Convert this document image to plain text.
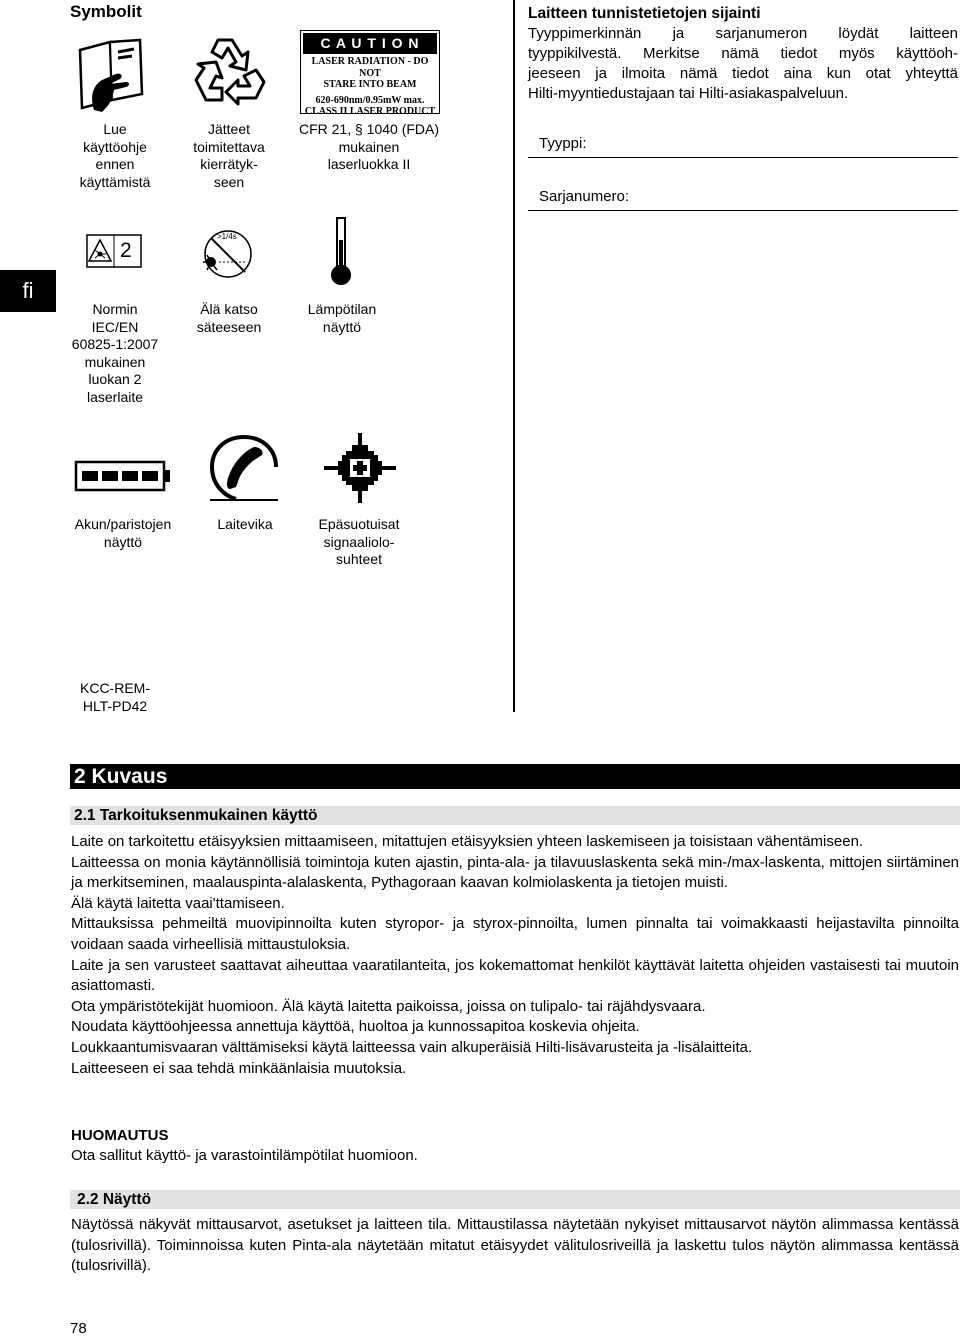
Symbolit
Lue
käyttöohje
ennen
käyttämistä
Jätteet
toimitettava
kierrätyk-
seen
C A U T I O N
LASER RADIATION - DO NOT
STARE INTO BEAM
620-690nm/0.95mW max.
CLASS II LASER PRODUCT
CFR 21, § 1040 (FDA)
mukainen
laserluokka II
2
Normin
IEC/EN
60825-1:2007
mukainen
luokan 2
laserlaite
>1/4s
Älä katso
säteeseen
Lämpötilan
näyttö
Akun/paristojen
näyttö
Laitevika	Epäsuotuisat
signaaliolo-
suhteet
KCC-REM-
HLT-PD42
fi
Laitteen tunnistetietojen sijainti
Tyyppimerkinnän ja sarjanumeron löydät laitteen
tyyppikilvestä. Merkitse nämä tiedot myös käyttöoh-
jeeseen ja ilmoita nämä tiedot aina kun otat yhteyttä
Hilti-myyntiedustajaan tai Hilti-asiakaspalveluun.
Tyyppi:
Sarjanumero:
2 Kuvaus
2.1 Tarkoituksenmukainen käyttö

Laite on tarkoitettu etäisyyksien mittaamiseen, mitattujen etäisyyksien yhteen laskemiseen ja toisistaan vähentämiseen.

Laitteessa on monia käytännöllisiä toimintoja kuten ajastin, pinta-ala- ja tilavuuslaskenta sekä min-/max-laskenta, mittojen siirtäminen ja merkitseminen, maalauspinta-alalaskenta, Pythagoraan kaavan kolmiolaskenta ja tietojen muisti.

Älä käytä laitetta vaai'ttamiseen.

Mittauksissa pehmeiltä muovipinnoilta kuten styropor- ja styrox-pinnoilta, lumen pinnalta tai voimakkaasti heijastavilta pinnoilta voidaan saada virheellisiä mittaustuloksia.

Laite ja sen varusteet saattavat aiheuttaa vaaratilanteita, jos kokemattomat henkilöt käyttävät laitetta ohjeiden vastaisesti tai muutoin asiattomasti.

Ota ympäristötekijät huomioon. Älä käytä laitetta paikoissa, joissa on tulipalo- tai räjähdysvaara.

Noudata käyttöohjeessa annettuja käyttöä, huoltoa ja kunnossapitoa koskevia ohjeita.

Loukkaantumisvaaran välttämiseksi käytä laitteessa vain alkuperäisiä Hilti-lisävarusteita ja -lisälaitteita.

Laitteeseen ei saa tehdä minkäänlaisia muutoksia.

HUOMAUTUS
Ota sallitut käyttö- ja varastointilämpötilat huomioon.
2.2 Näyttö
Näytössä näkyvät mittausarvot, asetukset ja laitteen tila. Mittaustilassa näytetään nykyiset mittausarvot näytön alimmassa kentässä (tulosrivillä). Toiminnoissa kuten Pinta-ala näytetään mitatut etäisyydet välitulosriveillä ja laskettu tulos näytön alimmassa kentässä (tulosrivillä).
78
